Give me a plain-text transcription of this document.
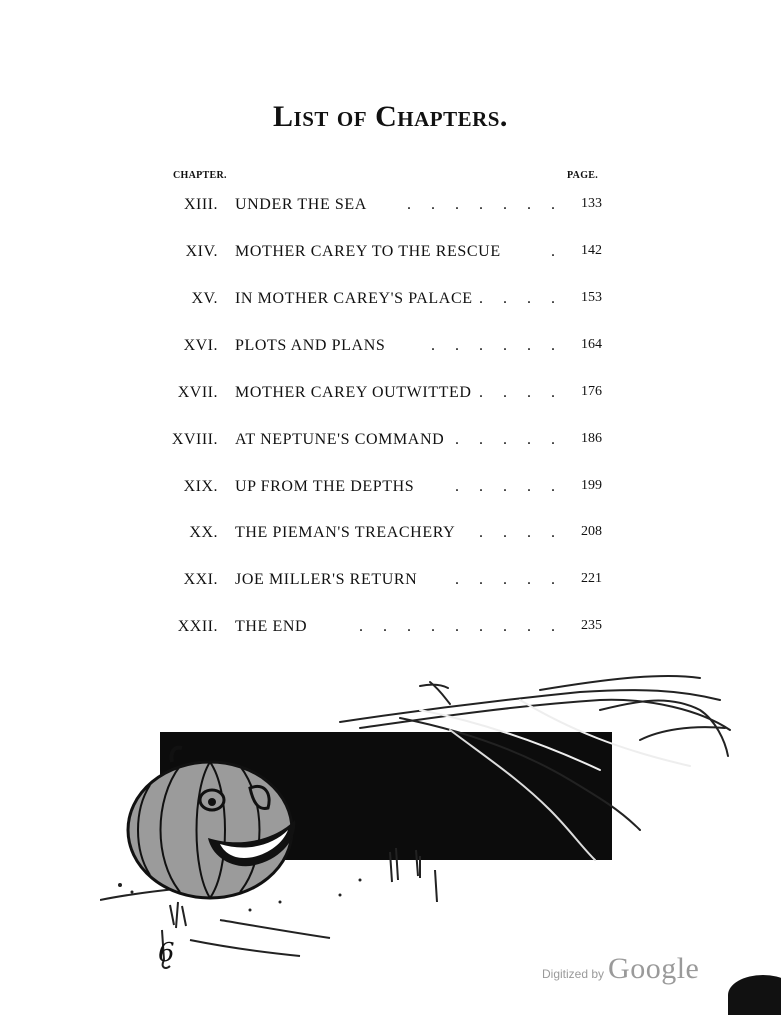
List of Chapters.
CHAPTER.	PAGE.
XIII. UNDER THE SEA	. . . . . . .	133
XIV. MOTHER CAREY TO THE RESCUE	.	142
XV. IN MOTHER CAREY'S PALACE . . . .	153
XVI. PLOTS AND PLANS	. . . . . .	164
XVII. MOTHER CAREY OUTWITTED . . . .	176
XVIII. AT NEPTUNE'S COMMAND . . . . .	186
XIX. UP FROM THE DEPTHS	. . . . .	199
XX. THE PIEMAN'S TREACHERY . . . .	208
XXI. JOE MILLER'S RETURN . . . . .	221
XXII. THE END	. . . . . . . . .	235
6
Digitized by Google
